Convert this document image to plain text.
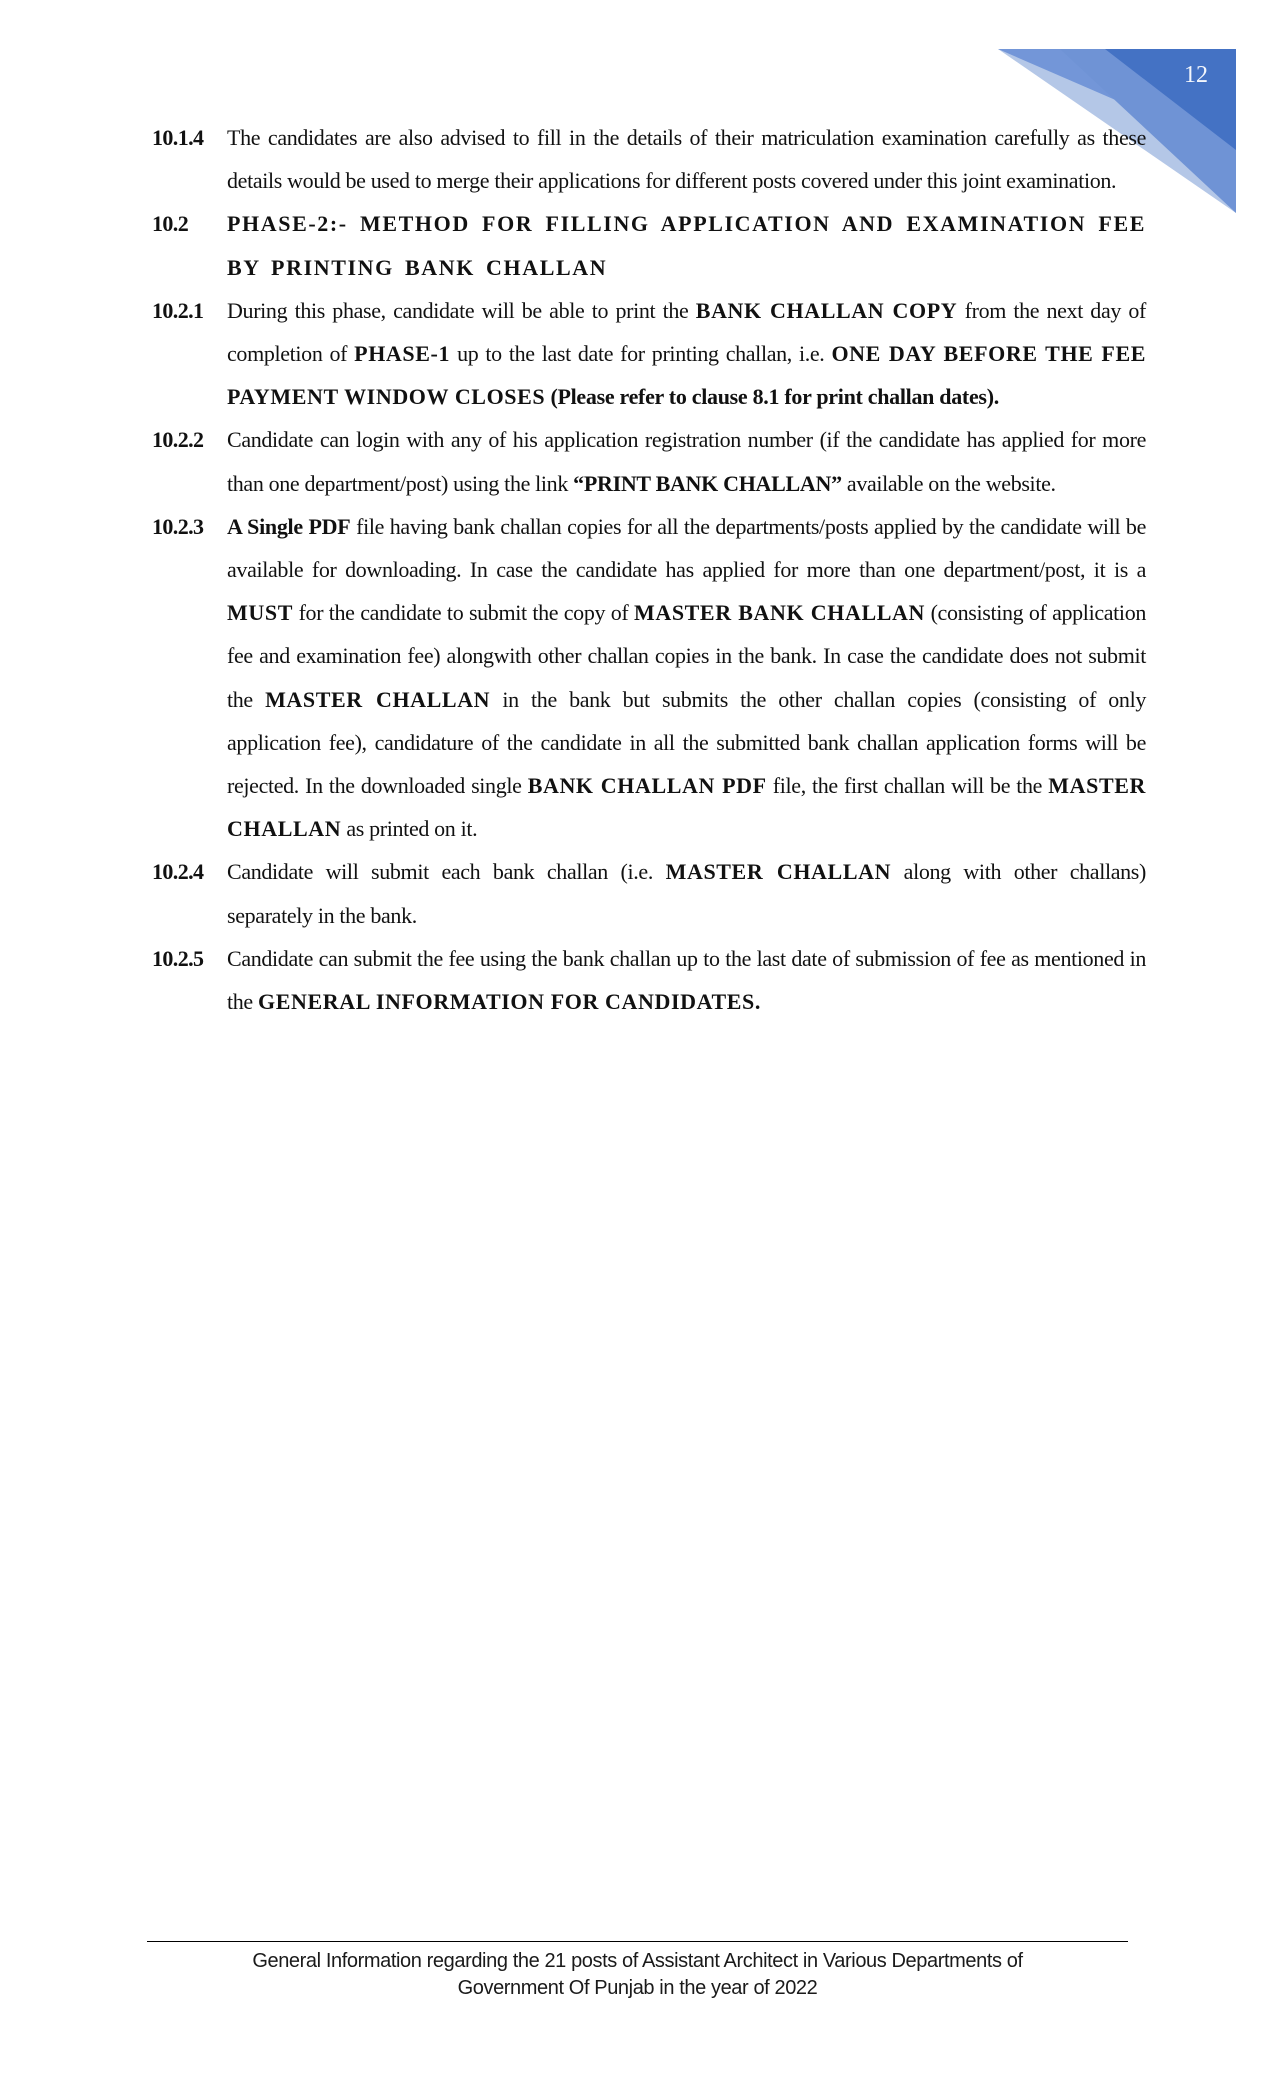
12
10.1.4	The candidates are also advised to fill in the details of their matriculation examination carefully as these details would be used to merge their applications for different posts covered under this joint examination.
10.2	PHASE-2:- METHOD FOR FILLING APPLICATION AND EXAMINATION FEE BY PRINTING BANK CHALLAN
10.2.1	During this phase, candidate will be able to print the BANK CHALLAN COPY from the next day of completion of PHASE-1 up to the last date for printing challan, i.e. ONE DAY BEFORE THE FEE PAYMENT WINDOW CLOSES (Please refer to clause 8.1 for print challan dates).
10.2.2	Candidate can login with any of his application registration number (if the candidate has applied for more than one department/post) using the link “PRINT BANK CHALLAN” available on the website.
10.2.3	A Single PDF file having bank challan copies for all the departments/posts applied by the candidate will be available for downloading. In case the candidate has applied for more than one department/post, it is a MUST for the candidate to submit the copy of MASTER BANK CHALLAN (consisting of application fee and examination fee) alongwith other challan copies in the bank. In case the candidate does not submit the MASTER CHALLAN in the bank but submits the other challan copies (consisting of only application fee), candidature of the candidate in all the submitted bank challan application forms will be rejected. In the downloaded single BANK CHALLAN PDF file, the first challan will be the MASTER CHALLAN as printed on it.
10.2.4	Candidate will submit each bank challan (i.e. MASTER CHALLAN along with other challans) separately in the bank.
10.2.5	Candidate can submit the fee using the bank challan up to the last date of submission of fee as mentioned in the GENERAL INFORMATION FOR CANDIDATES.
General Information regarding the 21 posts of Assistant Architect in Various Departments of
Government Of Punjab in the year of 2022
